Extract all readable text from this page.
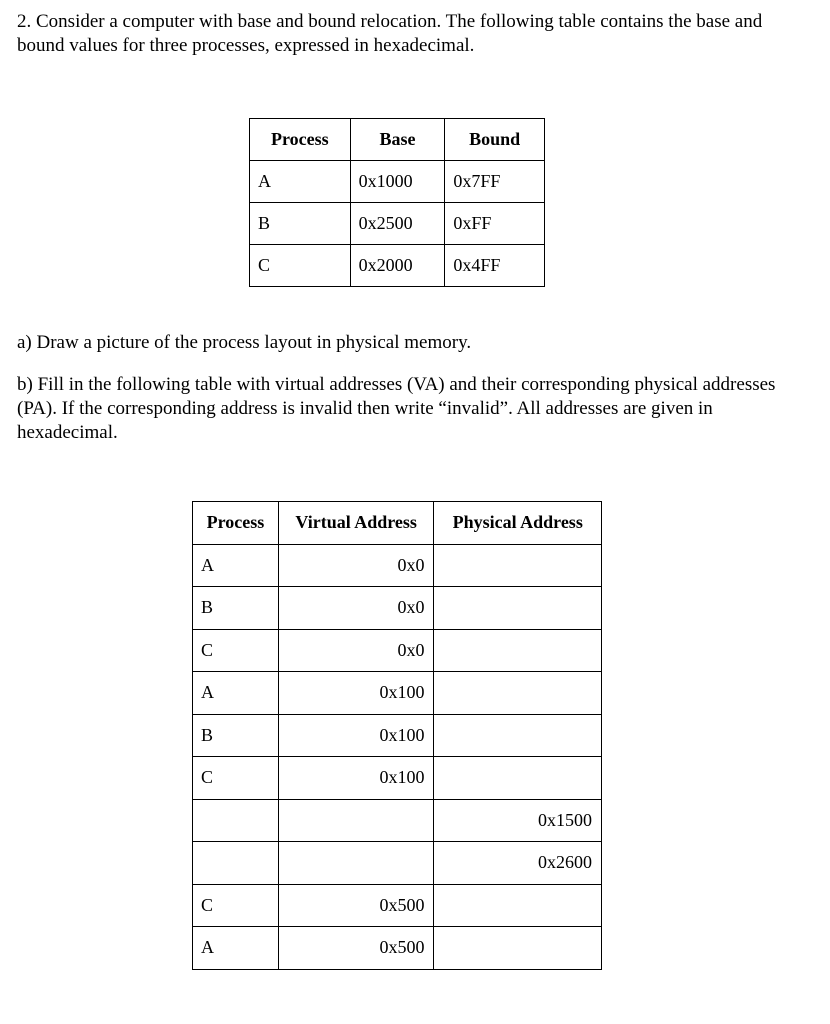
2. Consider a computer with base and bound relocation. The following table contains the base and bound values for three processes, expressed in hexadecimal.

Process	Base	Bound
A	0x1000	0x7FF
B	0x2500	0xFF
C	0x2000	0x4FF

a) Draw a picture of the process layout in physical memory.

b) Fill in the following table with virtual addresses (VA) and their corresponding physical addresses (PA). If the corresponding address is invalid then write “invalid”. All addresses are given in hexadecimal.

Process	Virtual Address	Physical Address
A	0x0	
B	0x0	
C	0x0	
A	0x100	
B	0x100	
C	0x100	
		0x1500
		0x2600
C	0x500	
A	0x500	
